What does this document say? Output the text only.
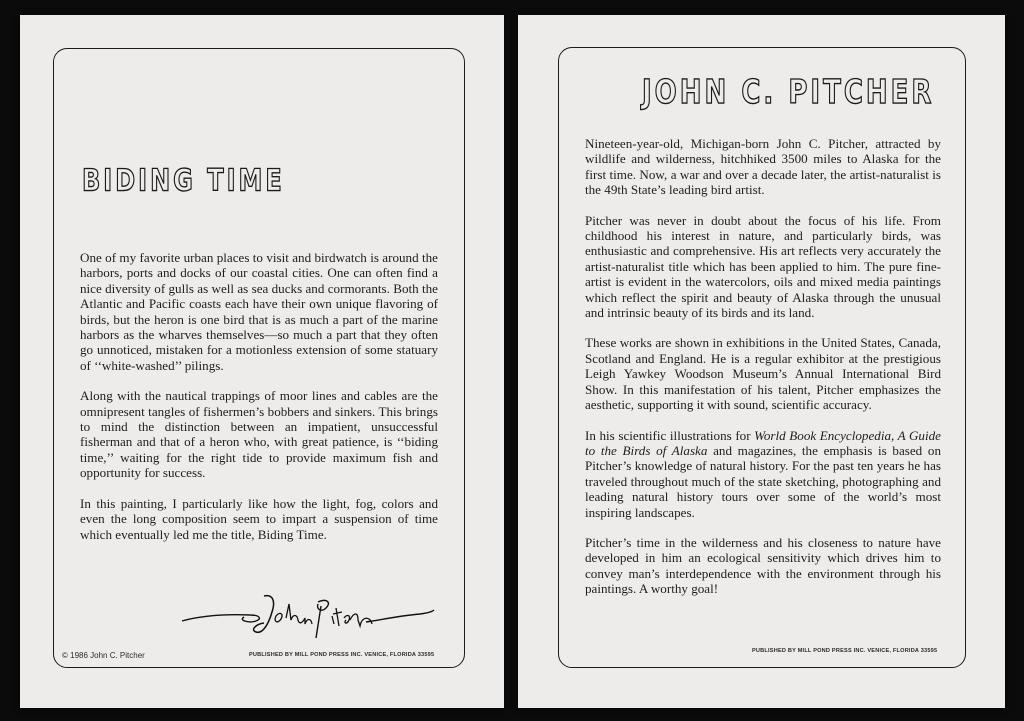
BIDING TIME

One of my favorite urban places to visit and birdwatch is around the harbors, ports and docks of our coastal cities. One can often find a nice diversity of gulls as well as sea ducks and cormorants. Both the Atlantic and Pacific coasts each have their own unique flavoring of birds, but the heron is one bird that is as much a part of the marine harbors as the wharves themselves—so much a part that they often go unnoticed, mistaken for a motionless extension of some statuary of ‘‘white-washed’’ pilings.

Along with the nautical trappings of moor lines and cables are the omnipresent tangles of fishermen’s bobbers and sinkers. This brings to mind the distinction between an impatient, unsuccessful fisherman and that of a heron who, with great patience, is ‘‘biding time,’’ waiting for the right tide to provide maximum fish and opportunity for success.

In this painting, I particularly like how the light, fog, colors and even the long composition seem to impart a suspension of time which eventually led me the title, Biding Time.

© 1986 John C. Pitcher	PUBLISHED BY MILL POND PRESS INC. VENICE, FLORIDA 33595
JOHN C. PITCHER

Nineteen-year-old, Michigan-born John C. Pitcher, attracted by wildlife and wilderness, hitchhiked 3500 miles to Alaska for the first time. Now, a war and over a decade later, the artist-naturalist is the 49th State’s leading bird artist.

Pitcher was never in doubt about the focus of his life. From childhood his interest in nature, and particularly birds, was enthusiastic and comprehensive. His art reflects very accurately the artist-naturalist title which has been applied to him. The pure fine-artist is evident in the watercolors, oils and mixed media paintings which reflect the spirit and beauty of Alaska through the unusual and intrinsic beauty of its birds and its land.

These works are shown in exhibitions in the United States, Canada, Scotland and England. He is a regular exhibitor at the prestigious Leigh Yawkey Woodson Museum’s Annual International Bird Show. In this manifestation of his talent, Pitcher emphasizes the aesthetic, supporting it with sound, scientific accuracy.

In his scientific illustrations for World Book Encyclopedia, A Guide to the Birds of Alaska and magazines, the emphasis is based on Pitcher’s knowledge of natural history. For the past ten years he has traveled throughout much of the state sketching, photographing and leading natural history tours over some of the world’s most inspiring landscapes.

Pitcher’s time in the wilderness and his closeness to nature have developed in him an ecological sensitivity which drives him to convey man’s interdependence with the environment through his paintings. A worthy goal!

PUBLISHED BY MILL POND PRESS INC. VENICE, FLORIDA 33595
